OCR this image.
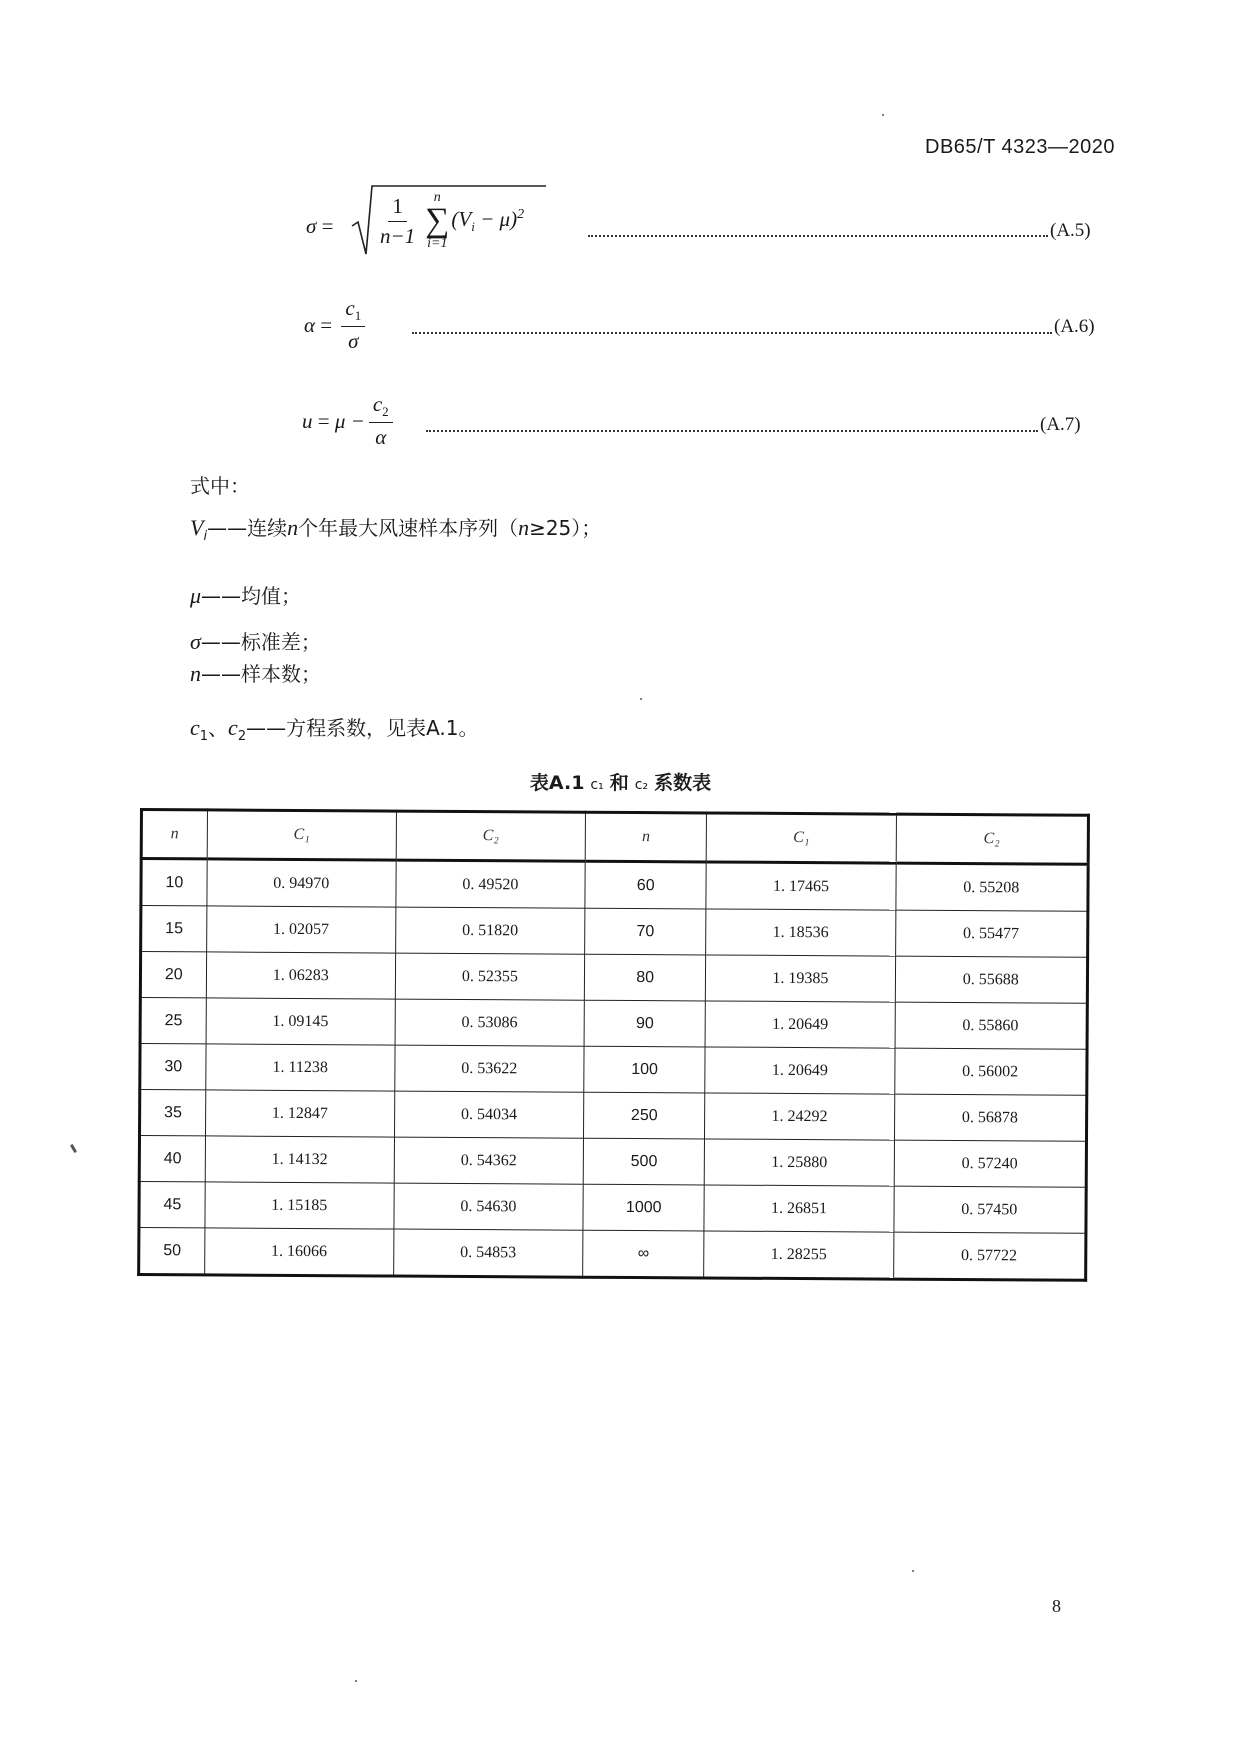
DB65/T 4323—2020
$\sigma = \frac{1}{n-1}$ n
∑
i=1
$(V_i - \mu)^2$
(A.5)
$\alpha = \frac{c_1}{\sigma}$	(A.6)
$u = \mu - \frac{c_2}{\alpha}$	(A.7)
式中：
$V_i——$连续n个年最大风速样本序列（n≥25）；
μ——均值；
σ——标准差；
n——样本数；
$c_1$、$c_2——$方程系数，见表A.1。
表A.1 c₁ 和 c₂ 系数表
n	C₁	C₂	n	C₁	C₂
10	0. 94970	0. 49520	60	1. 17465	0. 55208
15	1. 02057	0. 51820	70	1. 18536	0. 55477
20	1. 06283	0. 52355	80	1. 19385	0. 55688
25	1. 09145	0. 53086	90	1. 20649	0. 55860
30	1. 11238	0. 53622	100	1. 20649	0. 56002
35	1. 12847	0. 54034	250	1. 24292	0. 56878
40	1. 14132	0. 54362	500	1. 25880	0. 57240
45	1. 15185	0. 54630	1000	1. 26851	0. 57450
50	1. 16066	0. 54853	∞	1. 28255	0. 57722
8
